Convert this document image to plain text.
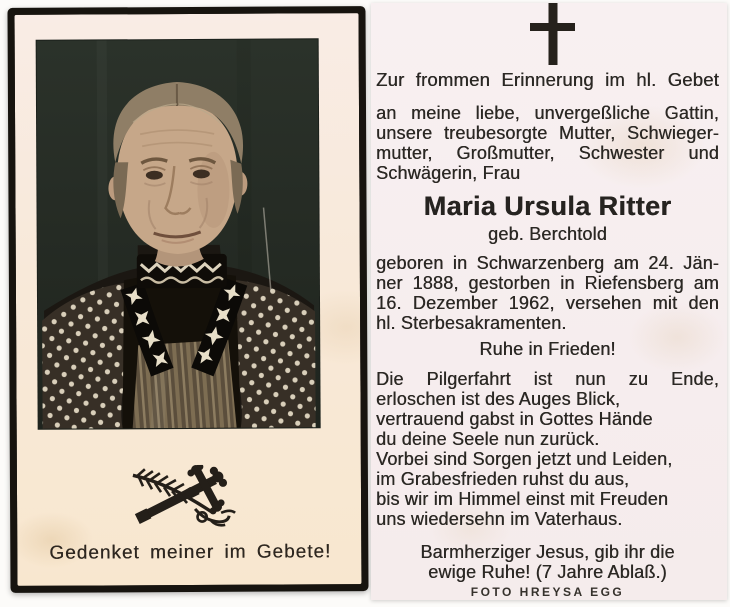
Gedenket meiner im Gebete!
Zur frommen Erinnerung im hl. Gebet
an meine liebe, unvergeßliche Gattin,
unsere treubesorgte Mutter, Schwieger-
mutter, Großmutter, Schwester und
Schwägerin, Frau
Maria Ursula Ritter
geb. Berchtold
geboren in Schwarzenberg am 24. Jän-
ner 1888, gestorben in Riefensberg am
16. Dezember 1962, versehen mit den
hl. Sterbesakramenten.
Ruhe in Frieden!
Die Pilgerfahrt ist nun zu Ende,
erloschen ist des Auges Blick,
vertrauend gabst in Gottes Hände
du deine Seele nun zurück.
Vorbei sind Sorgen jetzt und Leiden,
im Grabesfrieden ruhst du aus,
bis wir im Himmel einst mit Freuden
uns wiedersehn im Vaterhaus.
Barmherziger Jesus, gib ihr die
ewige Ruhe! (7 Jahre Ablaß.)
FOTO HREYSA EGG
